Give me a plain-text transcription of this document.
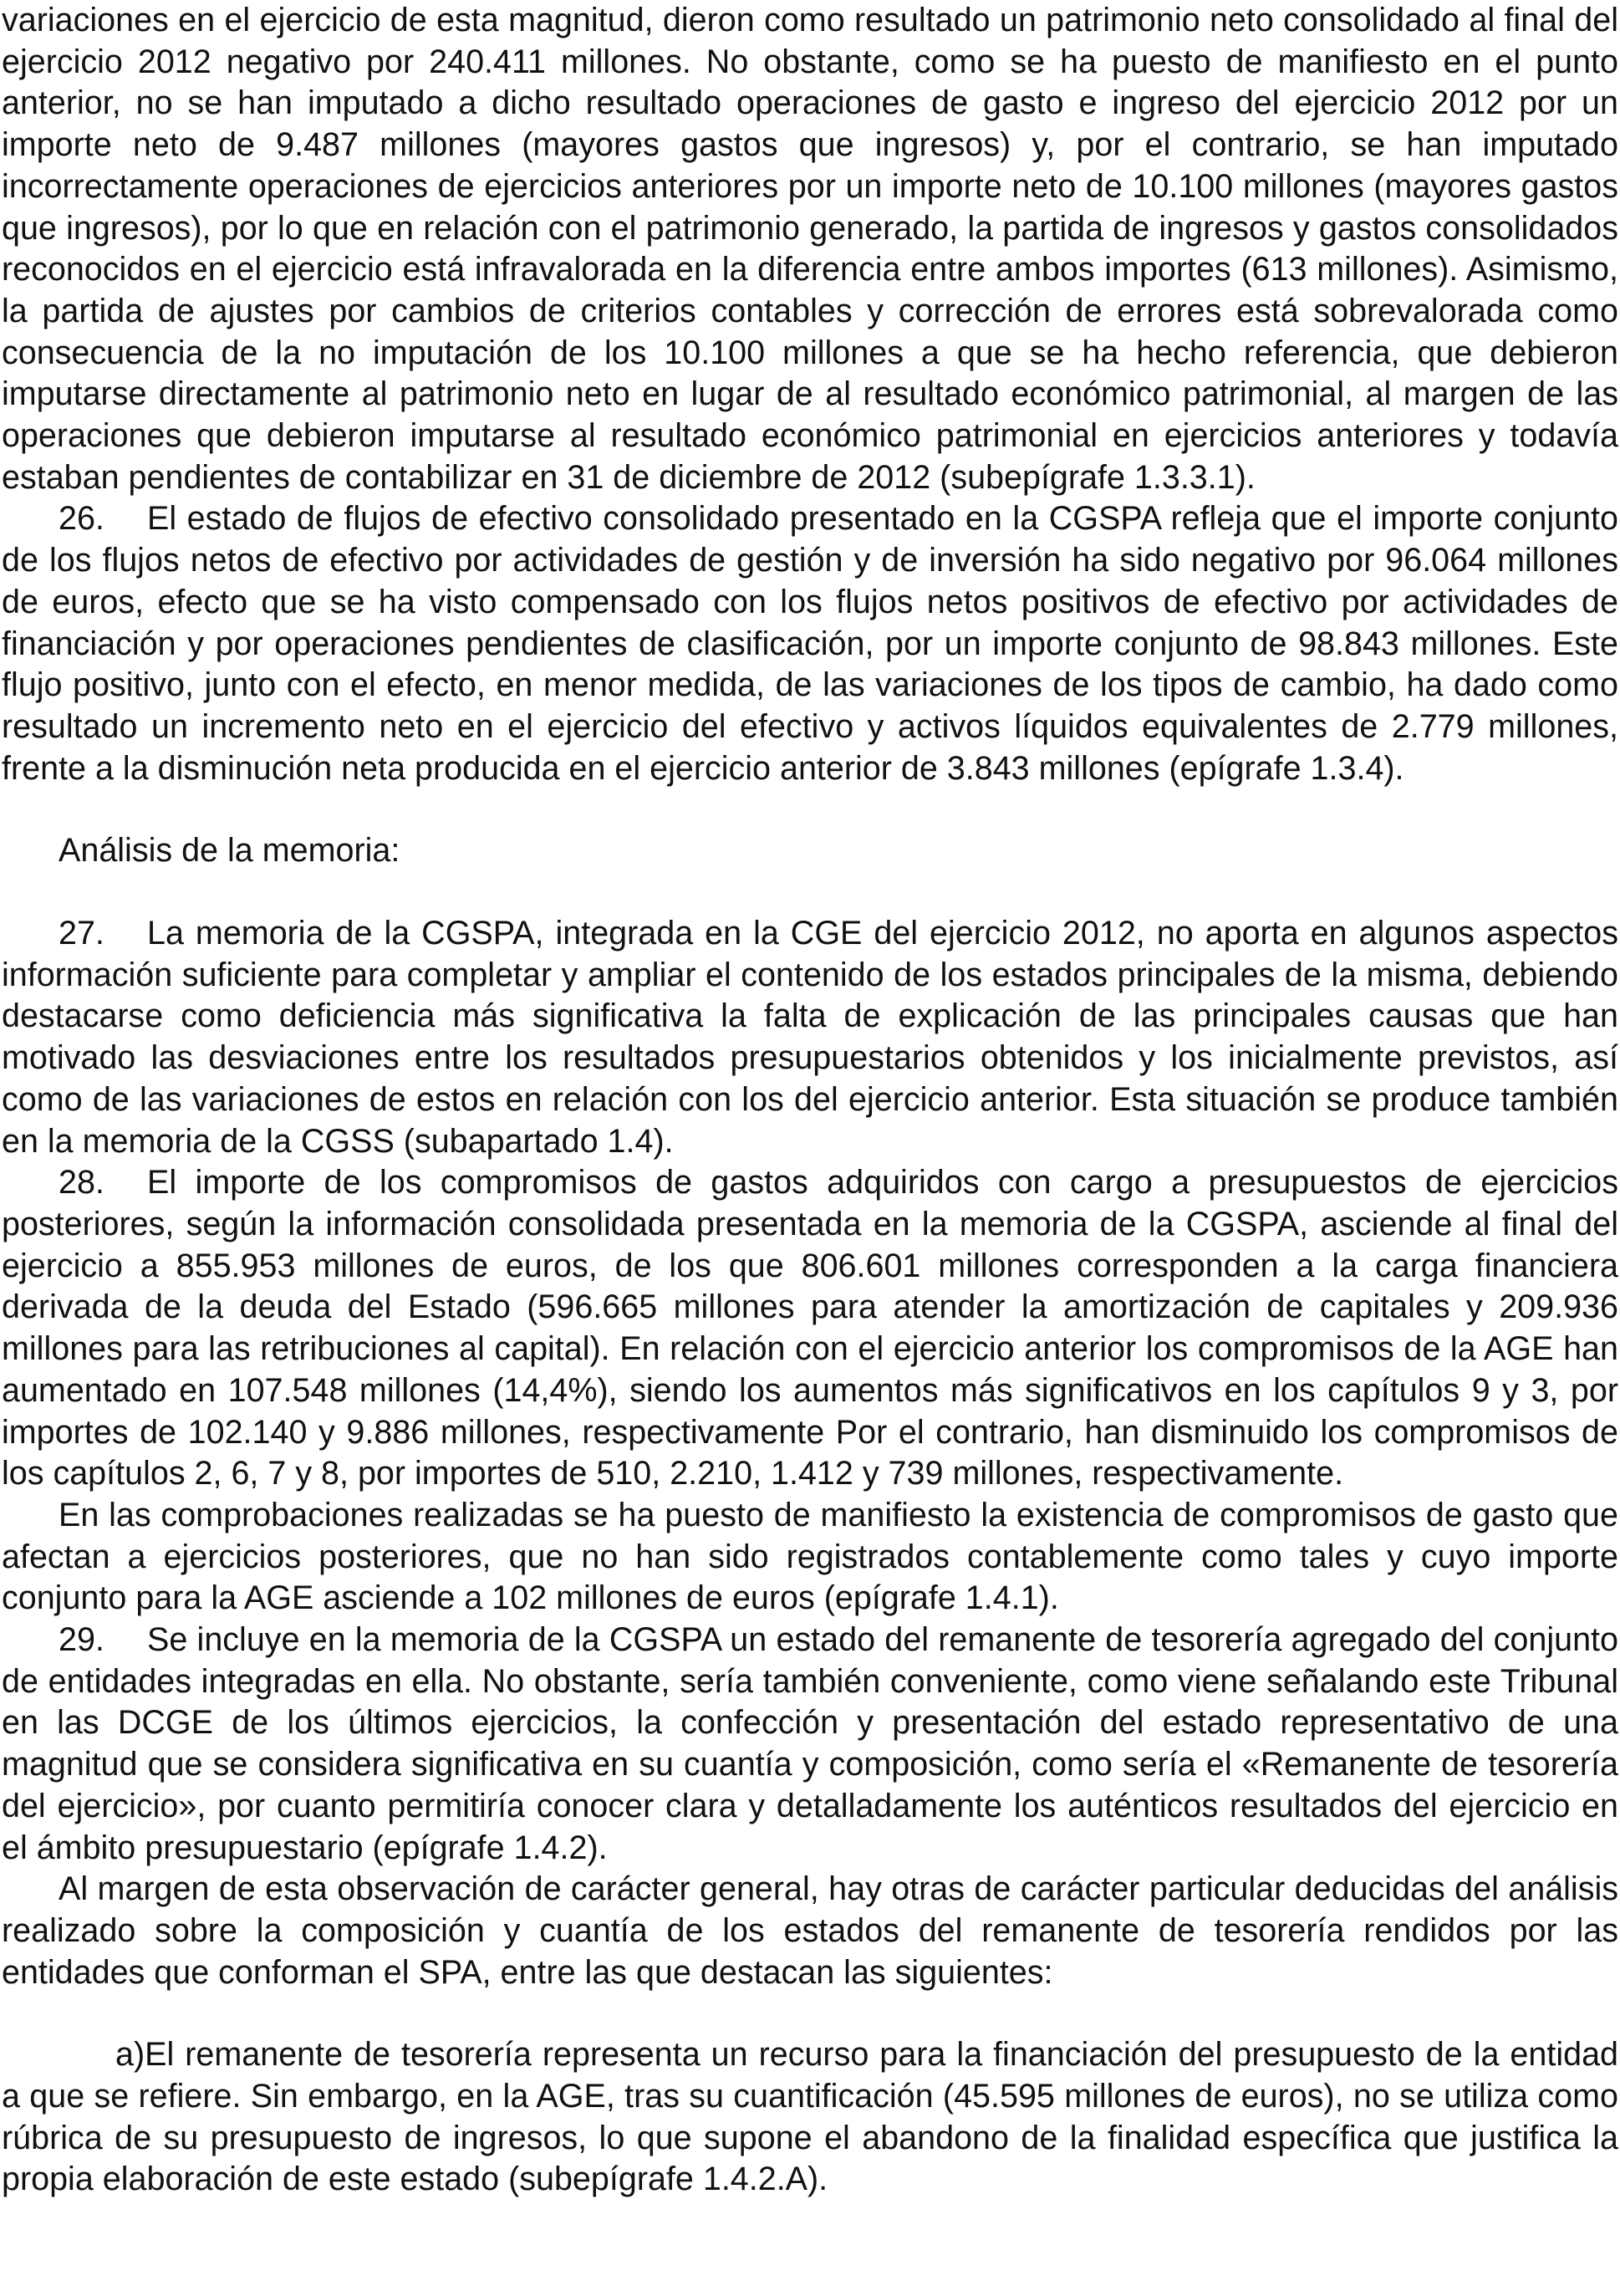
variaciones en el ejercicio de esta magnitud, dieron como resultado un patrimonio neto consolidado al final del ejercicio 2012 negativo por 240.411 millones. No obstante, como se ha puesto de manifiesto en el punto anterior, no se han imputado a dicho resultado operaciones de gasto e ingreso del ejercicio 2012 por un importe neto de 9.487 millones (mayores gastos que ingresos) y, por el contrario, se han imputado incorrectamente operaciones de ejercicios anteriores por un importe neto de 10.100 millones (mayores gastos que ingresos), por lo que en relación con el patrimonio generado, la partida de ingresos y gastos consolidados reconocidos en el ejercicio está infravalorada en la diferencia entre ambos importes (613 millones). Asimismo, la partida de ajustes por cambios de criterios contables y corrección de errores está sobrevalorada como consecuencia de la no imputación de los 10.100 millones a que se ha hecho referencia, que debieron imputarse directamente al patrimonio neto en lugar de al resultado económico patrimonial, al margen de las operaciones que debieron imputarse al resultado económico patrimonial en ejercicios anteriores y todavía estaban pendientes de contabilizar en 31 de diciembre de 2012 (subepígrafe 1.3.3.1).

26. El estado de flujos de efectivo consolidado presentado en la CGSPA refleja que el importe conjunto de los flujos netos de efectivo por actividades de gestión y de inversión ha sido negativo por 96.064 millones de euros, efecto que se ha visto compensado con los flujos netos positivos de efectivo por actividades de financiación y por operaciones pendientes de clasificación, por un importe conjunto de 98.843 millones. Este flujo positivo, junto con el efecto, en menor medida, de las variaciones de los tipos de cambio, ha dado como resultado un incremento neto en el ejercicio del efectivo y activos líquidos equivalentes de 2.779 millones, frente a la disminución neta producida en el ejercicio anterior de 3.843 millones (epígrafe 1.3.4).

Análisis de la memoria:

27. La memoria de la CGSPA, integrada en la CGE del ejercicio 2012, no aporta en algunos aspectos información suficiente para completar y ampliar el contenido de los estados principales de la misma, debiendo destacarse como deficiencia más significativa la falta de explicación de las principales causas que han motivado las desviaciones entre los resultados presupuestarios obtenidos y los inicialmente previstos, así como de las variaciones de estos en relación con los del ejercicio anterior. Esta situación se produce también en la memoria de la CGSS (subapartado 1.4).

28. El importe de los compromisos de gastos adquiridos con cargo a presupuestos de ejercicios posteriores, según la información consolidada presentada en la memoria de la CGSPA, asciende al final del ejercicio a 855.953 millones de euros, de los que 806.601 millones corresponden a la carga financiera derivada de la deuda del Estado (596.665 millones para atender la amortización de capitales y 209.936 millones para las retribuciones al capital). En relación con el ejercicio anterior los compromisos de la AGE han aumentado en 107.548 millones (14,4%), siendo los aumentos más significativos en los capítulos 9 y 3, por importes de 102.140 y 9.886 millones, respectivamente Por el contrario, han disminuido los compromisos de los capítulos 2, 6, 7 y 8, por importes de 510, 2.210, 1.412 y 739 millones, respectivamente.

En las comprobaciones realizadas se ha puesto de manifiesto la existencia de compromisos de gasto que afectan a ejercicios posteriores, que no han sido registrados contablemente como tales y cuyo importe conjunto para la AGE asciende a 102 millones de euros (epígrafe 1.4.1).

29. Se incluye en la memoria de la CGSPA un estado del remanente de tesorería agregado del conjunto de entidades integradas en ella. No obstante, sería también conveniente, como viene señalando este Tribunal en las DCGE de los últimos ejercicios, la confección y presentación del estado representativo de una magnitud que se considera significativa en su cuantía y composición, como sería el «Remanente de tesorería del ejercicio», por cuanto permitiría conocer clara y detalladamente los auténticos resultados del ejercicio en el ámbito presupuestario (epígrafe 1.4.2).

Al margen de esta observación de carácter general, hay otras de carácter particular deducidas del análisis realizado sobre la composición y cuantía de los estados del remanente de tesorería rendidos por las entidades que conforman el SPA, entre las que destacan las siguientes:

a)El remanente de tesorería representa un recurso para la financiación del presupuesto de la entidad a que se refiere. Sin embargo, en la AGE, tras su cuantificación (45.595 millones de euros), no se utiliza como rúbrica de su presupuesto de ingresos, lo que supone el abandono de la finalidad específica que justifica la propia elaboración de este estado (subepígrafe 1.4.2.A).
